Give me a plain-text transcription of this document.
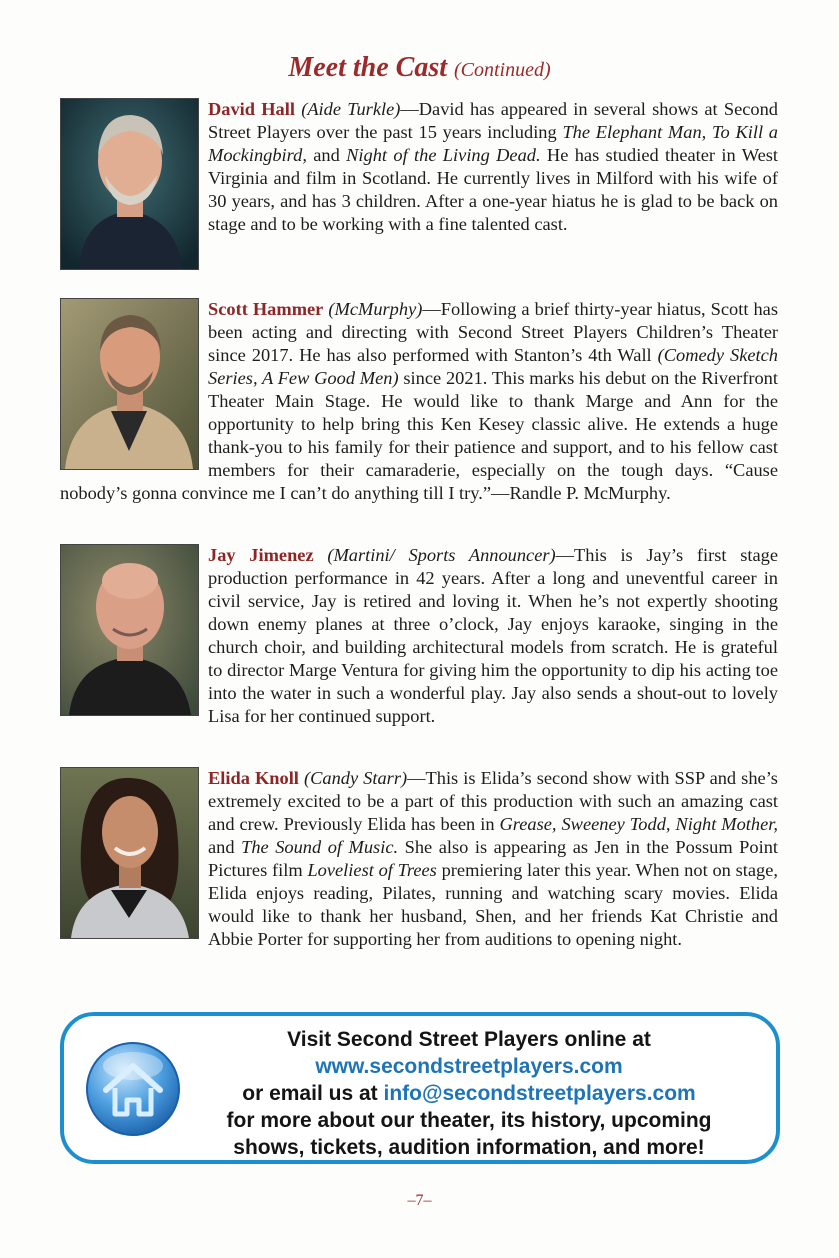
Meet the Cast (Continued)
David Hall (Aide Turkle)—David has appeared in several shows at Second Street Players over the past 15 years including The Elephant Man, To Kill a Mockingbird, and Night of the Living Dead. He has studied theater in West Virginia and film in Scotland. He currently lives in Milford with his wife of 30 years, and has 3 children. After a one-year hiatus he is glad to be back on stage and to be working with a fine talented cast.
Scott Hammer (McMurphy)—Following a brief thirty-year hiatus, Scott has been acting and directing with Second Street Players Children’s Theater since 2017. He has also performed with Stanton’s 4th Wall (Comedy Sketch Series, A Few Good Men) since 2021. This marks his debut on the Riverfront Theater Main Stage. He would like to thank Marge and Ann for the opportunity to help bring this Ken Kesey classic alive. He extends a huge thank-you to his family for their patience and support, and to his fellow cast members for their camaraderie, especially on the tough days. “Cause nobody’s gonna convince me I can’t do anything till I try.”—Randle P. McMurphy.
Jay Jimenez (Martini/ Sports Announcer)—This is Jay’s first stage production performance in 42 years. After a long and uneventful career in civil service, Jay is retired and loving it. When he’s not expertly shooting down enemy planes at three o’clock, Jay enjoys karaoke, singing in the church choir, and building architectural models from scratch. He is grateful to director Marge Ventura for giving him the opportunity to dip his acting toe into the water in such a wonderful play. Jay also sends a shout-out to lovely Lisa for her continued support.
Elida Knoll (Candy Starr)—This is Elida’s second show with SSP and she’s extremely excited to be a part of this production with such an amazing cast and crew. Previously Elida has been in Grease, Sweeney Todd, Night Mother, and The Sound of Music. She also is appearing as Jen in the Possum Point Pictures film Loveliest of Trees premiering later this year. When not on stage, Elida enjoys reading, Pilates, running and watching scary movies. Elida would like to thank her husband, Shen, and her friends Kat Christie and Abbie Porter for supporting her from auditions to opening night.
Visit Second Street Players online at
www.secondstreetplayers.com
or email us at info@secondstreetplayers.com
for more about our theater, its history, upcoming
shows, tickets, audition information, and more!
–7–
